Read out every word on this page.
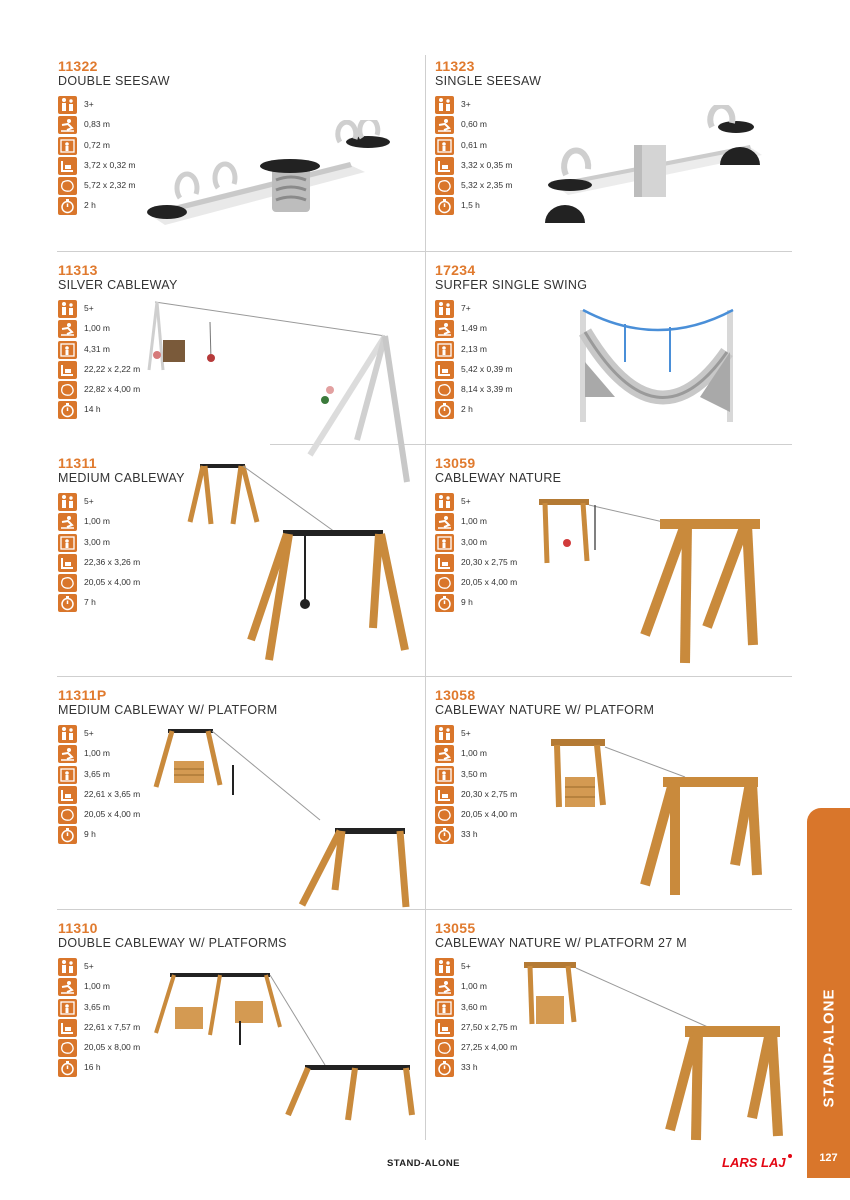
11322
DOUBLE SEESAW
3+
0,83 m
0,72 m
3,72 x 0,32 m
5,72 x 2,32 m
2 h
11323
SINGLE SEESAW
3+
0,60 m
0,61 m
3,32 x 0,35 m
5,32 x 2,35 m
1,5 h
11313
SILVER CABLEWAY
5+
1,00 m
4,31 m
22,22 x 2,22 m
22,82 x 4,00 m
14 h
17234
SURFER SINGLE SWING
7+
1,49 m
2,13 m
5,42 x 0,39 m
8,14 x 3,39 m
2 h
11311
MEDIUM CABLEWAY
5+
1,00 m
3,00 m
22,36 x 3,26 m
20,05 x 4,00 m
7 h
13059
CABLEWAY NATURE
5+
1,00 m
3,00 m
20,30 x 2,75 m
20,05 x 4,00 m
9 h
11311P
MEDIUM CABLEWAY W/ PLATFORM
5+
1,00 m
3,65 m
22,61 x 3,65 m
20,05 x 4,00 m
9 h
13058
CABLEWAY NATURE W/ PLATFORM
5+
1,00 m
3,50 m
20,30 x 2,75 m
20,05 x 4,00 m
33 h
11310
DOUBLE CABLEWAY W/ PLATFORMS
5+
1,00 m
3,65 m
22,61 x 7,57 m
20,05 x 8,00 m
16 h
13055
CABLEWAY NATURE W/ PLATFORM 27 M
5+
1,00 m
3,60 m
27,50 x 2,75 m
27,25 x 4,00 m
33 h	STAND-ALONE
127
STAND-ALONE	LARS LAJ
